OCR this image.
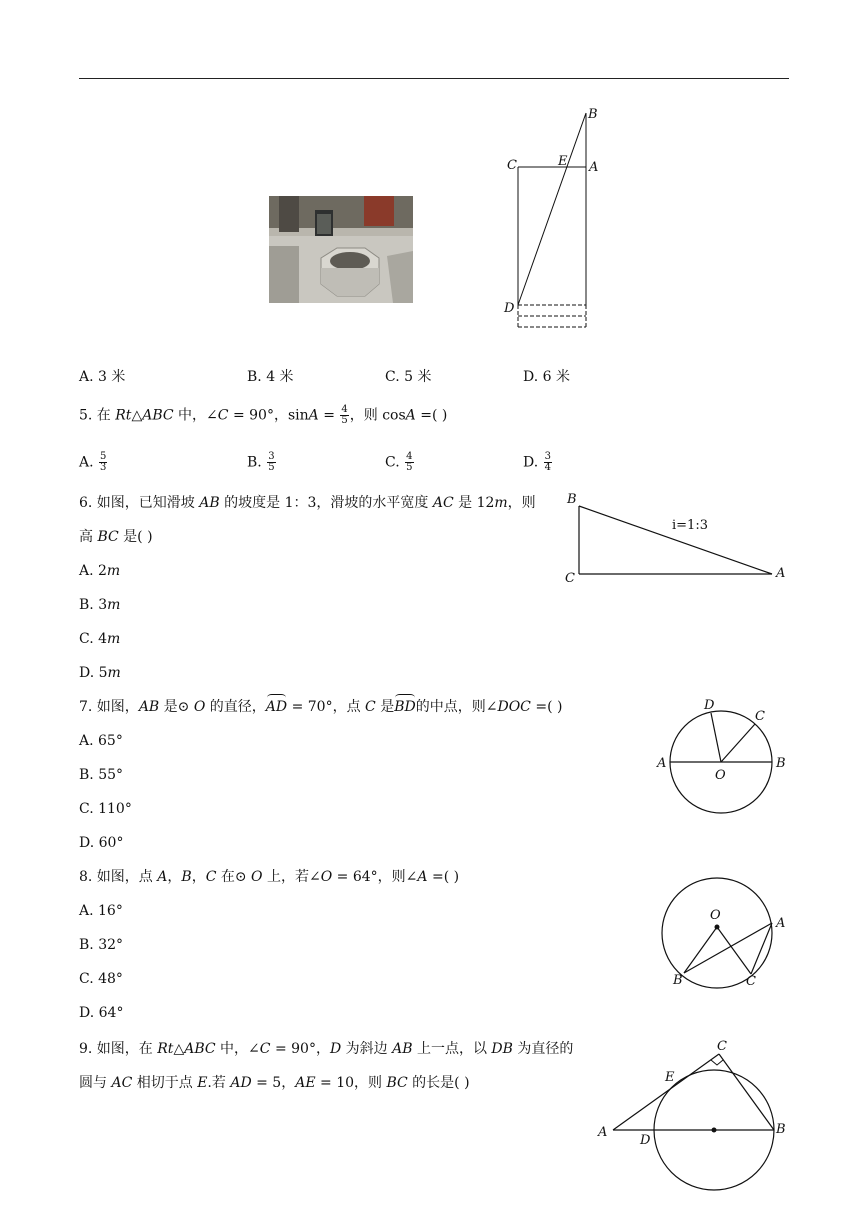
B
C	E A
D
A. 3 米	B. 4 米	C. 5 米	D. 6 米
5. 在 Rt△ABC 中，∠C = 90°，$\sin A = \frac{4}{5}$ ，则 cosA =( )
A. $\frac{5}{3}$	B. $\frac{3}{5}$	C. $\frac{4}{5}$	D. $\frac{3}{4}$
6. 如图，已知滑坡 AB 的坡度是 1：3，滑坡的水平宽度 AC 是 12m，则
高 BC 是( )
A. 2m
B. 3m
C. 4m
D. 5m
B
C	A
i=1:3
7. 如图，AB 是⊙ O 的直径，AD = 70°，点 C 是BD的中点，则∠DOC =( )
A. 65°
B. 55°
C. 110°
D. 60°
D
C
A
O
B
8. 如图，点 A，B，C 在⊙ O 上，若∠O = 64°，则∠A =( )
A. 16°
B. 32°
C. 48°
D. 64°
O
A
B	C
9. 如图，在 Rt△ABC 中，∠C = 90°，D 为斜边 AB 上一点，以 DB 为直径的
圆与 AC 相切于点 E.若 AD = 5，AE = 10，则 BC 的长是( )
C
E
A
D
B
